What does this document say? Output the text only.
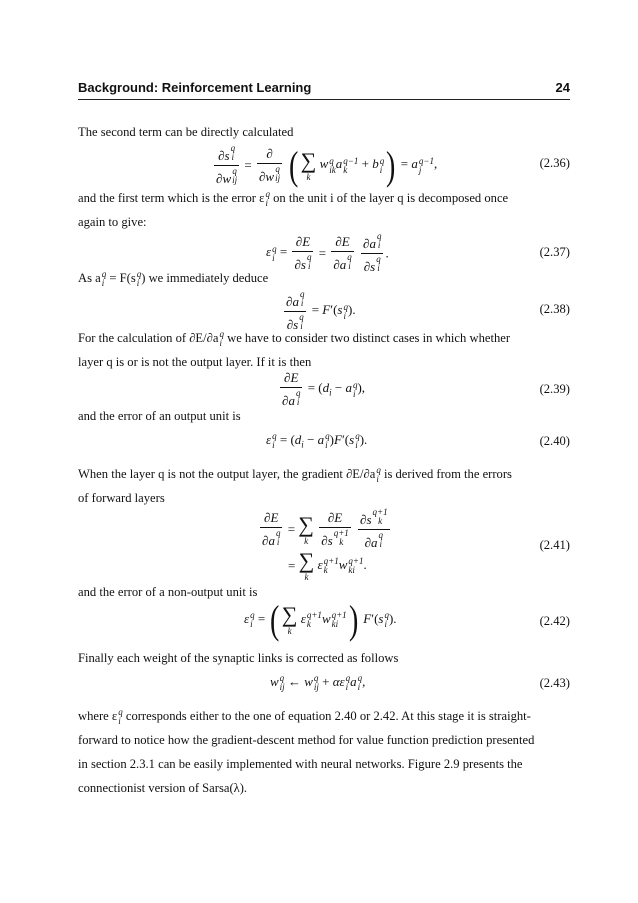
Background: Reinforcement Learning	24
The second term can be directly calculated
∂s q
i
∂w q
ij = ∂
∂w q
ij ( ∑
k
w q
ik a q−1
k + b q
i ) = a q−1
j ,	(2.36)
and the first term which is the error ε q
i on the unit i of the layer q is decomposed once
again to give:
ε q
i = ∂E
∂s q
i = ∂E
∂a q
i
∂a q
i
∂s q
i .	(2.37)
As a q
i = F(s q
i ) we immediately deduce
∂a q
i
∂s q
i = F′(s q
i ).	(2.38)
For the calculation of ∂E/∂a q
i we have to consider two distinct cases in which whether
layer q is or is not the output layer. If it is then
∂E
∂a q
$i = (d_i - a$ q
i ),	(2.39)
and the error of an output unit is
ε q
$i = (d_i - a$ q
i )F′(s q
i ).	(2.40)
When the layer q is not the output layer, the gradient ∂E/∂a q
i is derived from the errors
of forward layers
∂E
∂a q
i = ∑
k
∂E
∂s q+1
k
∂s q+1
k
∂a q
i
= ∑
k
ε q+1
k w q+1
ki .
(2.41)
and the error of a non-output unit is
ε q
i = ( ∑
k
ε q+1
k w q+1
ki ) F′(s q
i ).	(2.42)
Finally each weight of the synaptic links is corrected as follows
w q
ij ← w q
ij + αε q
i a q
i ,	(2.43)
where ε q
i corresponds either to the one of equation 2.40 or 2.42. At this stage it is straight-
forward to notice how the gradient-descent method for value function prediction presented
in section 2.3.1 can be easily implemented with neural networks. Figure 2.9 presents the
connectionist version of Sarsa(λ).
